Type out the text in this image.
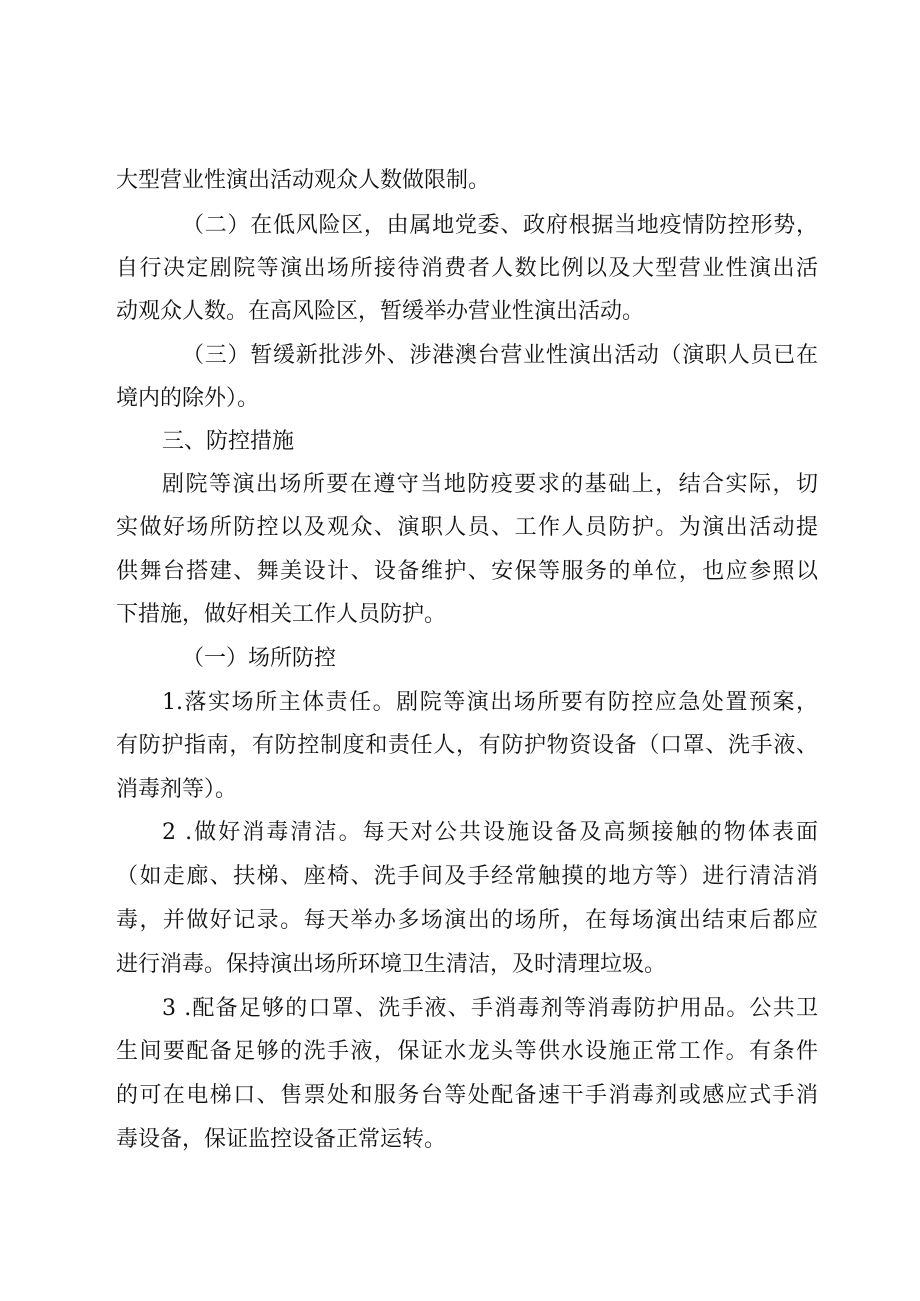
大型营业性演出活动观众人数做限制。
（二）在低风险区，由属地党委、政府根据当地疫情防控形势，
自行决定剧院等演出场所接待消费者人数比例以及大型营业性演出活
动观众人数。在高风险区，暂缓举办营业性演出活动。
（三）暂缓新批涉外、涉港澳台营业性演出活动（演职人员已在
境内的除外）。
三、防控措施
剧院等演出场所要在遵守当地防疫要求的基础上，结合实际，切
实做好场所防控以及观众、演职人员、工作人员防护。为演出活动提
供舞台搭建、舞美设计、设备维护、安保等服务的单位，也应参照以
下措施，做好相关工作人员防护。
（一）场所防控
1.落实场所主体责任。剧院等演出场所要有防控应急处置预案，
有防护指南，有防控制度和责任人，有防护物资设备（口罩、洗手液、
消毒剂等）。
2 .做好消毒清洁。每天对公共设施设备及高频接触的物体表面
（如走廊、扶梯、座椅、洗手间及手经常触摸的地方等）进行清洁消
毒，并做好记录。每天举办多场演出的场所，在每场演出结束后都应
进行消毒。保持演出场所环境卫生清洁，及时清理垃圾。
3 .配备足够的口罩、洗手液、手消毒剂等消毒防护用品。公共卫
生间要配备足够的洗手液，保证水龙头等供水设施正常工作。有条件
的可在电梯口、售票处和服务台等处配备速干手消毒剂或感应式手消
毒设备，保证监控设备正常运转。
